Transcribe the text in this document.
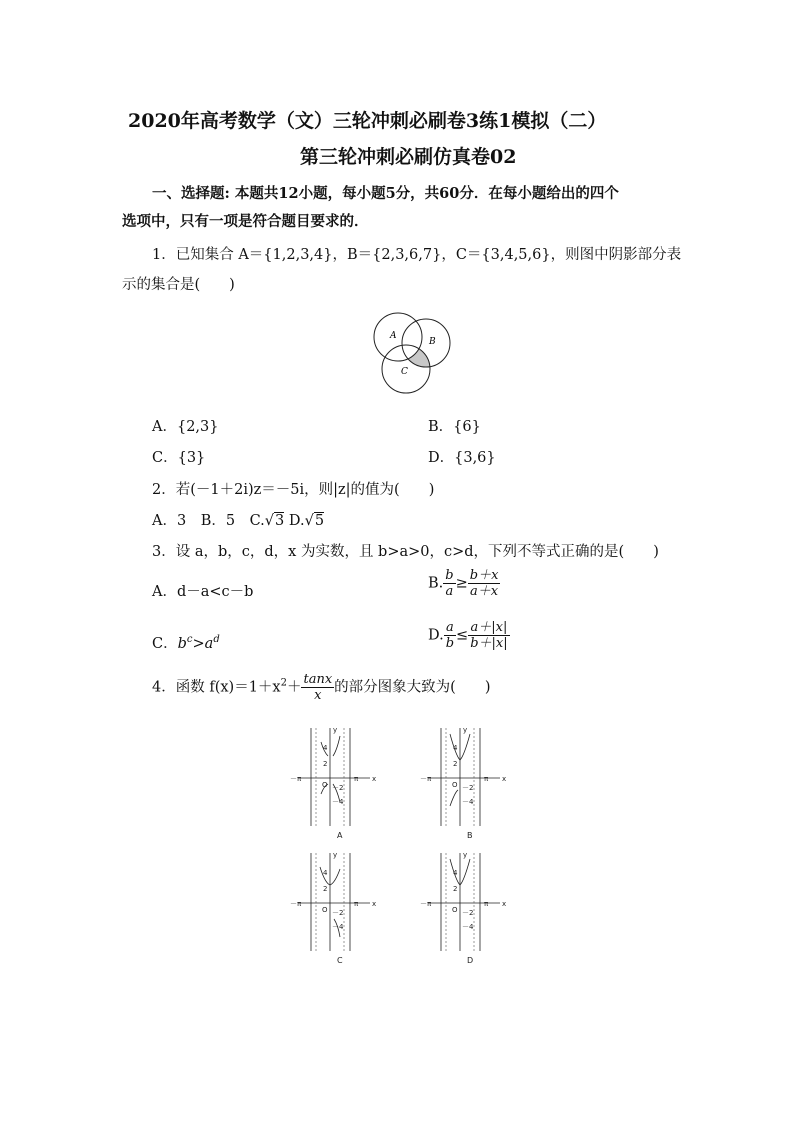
2020年高考数学（文）三轮冲刺必刷卷3练1模拟（二）
第三轮冲刺必刷仿真卷02
一、选择题: 本题共12小题，每小题5分，共60分．在每小题给出的四个
选项中，只有一项是符合题目要求的．
1．已知集合 A＝{1,2,3,4}，B＝{2,3,6,7}，C＝{3,4,5,6}，则图中阴影部分表
示的集合是(　　)
A
B
C
A．{2,3}	B．{6}
C．{3}	D．{3,6}
2．若(－1＋2i)z＝－5i，则|z|的值为(　　)
A．3　B．5　C.√3 D.√5
3．设 a，b，c，d，x 为实数，且 b>a>0，c>d，下列不等式正确的是(　　)
A．d－a<c－b
B. $\frac{b}{a} \ge \frac{b+x}{a+x}$
C．$b^c>a^d$	D. $\frac{a}{b} \le \frac{a+|x|}{b+|x|}$
4．函数 $f(x)=1+x^2+ \frac{\tan x}{x}$ 的部分图象大致为(　　)
y
x
O
－π	π
4
2
－2
－4
A
y
x
O
－π	π
4
2
－2
－4
B
y
x
O
－π	π
4
2
－2
－4
C
y
x
O
－π	π
4
2
－2
－4
D
